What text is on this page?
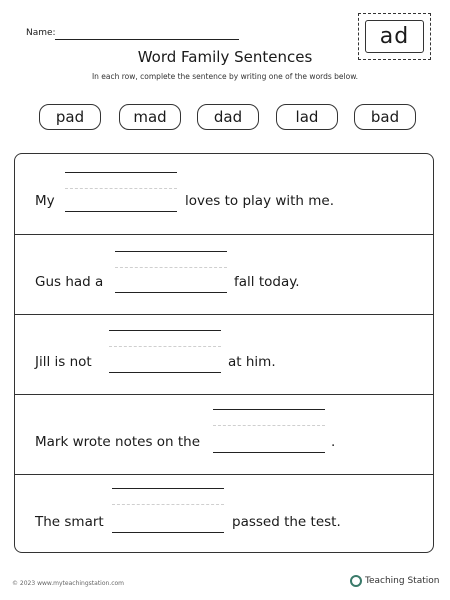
Name:	ad
Word Family Sentences
In each row, complete the sentence by writing one of the words below.
pad	mad	dad	lad	bad
My	loves to play with me.
Gus had a	fall today.
Jill is not	at him.
Mark wrote notes on the	.
The smart	passed the test.
© 2023 www.myteachingstation.com	Teaching Station
